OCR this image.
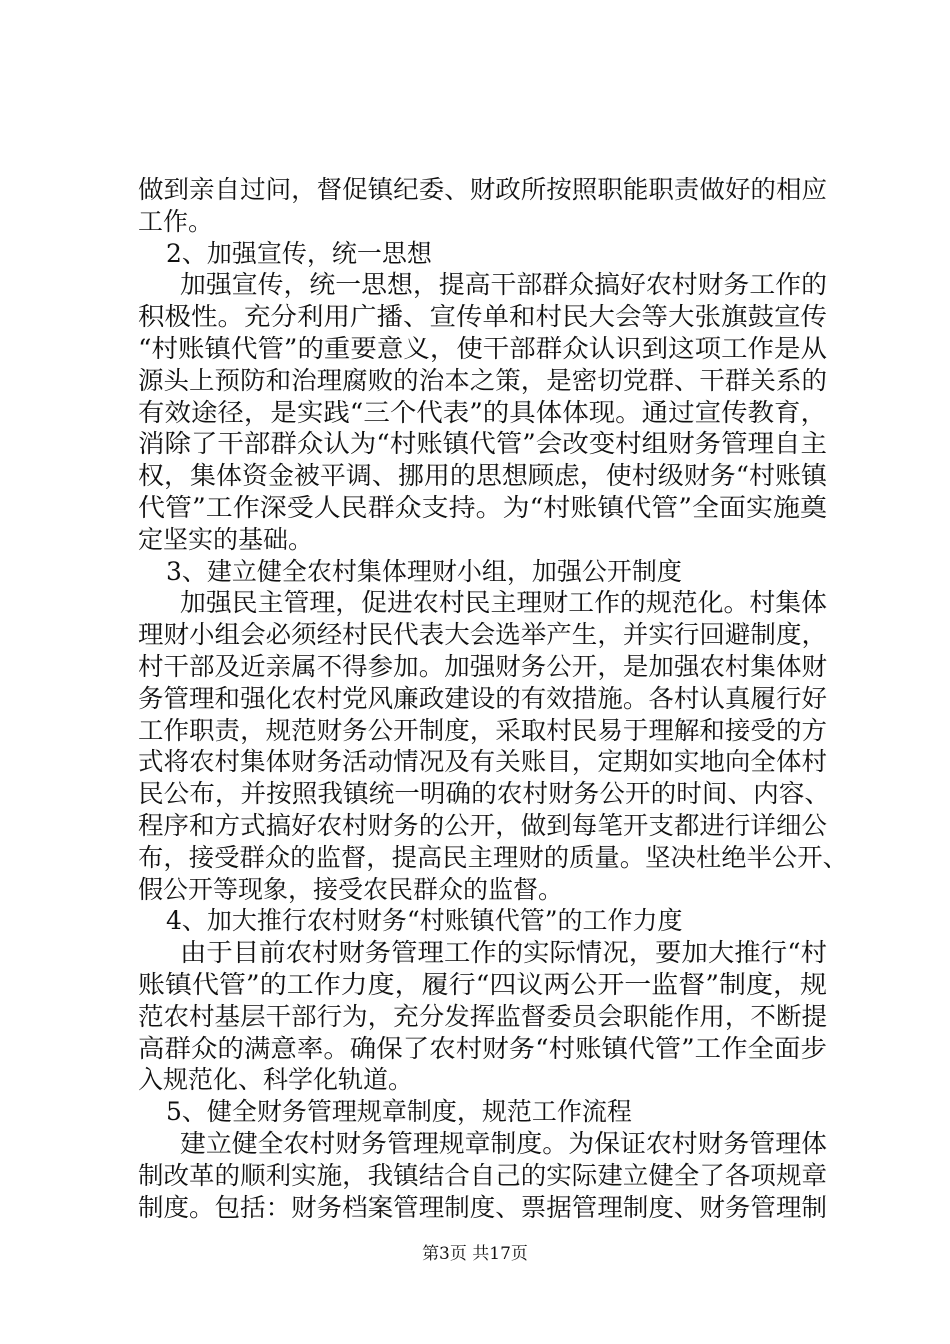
做到亲自过问，督促镇纪委、财政所按照职能职责做好的相应
工作。
2、加强宣传，统一思想
加强宣传，统一思想，提高干部群众搞好农村财务工作的
积极性。充分利用广播、宣传单和村民大会等大张旗鼓宣传
“村账镇代管”的重要意义，使干部群众认识到这项工作是从
源头上预防和治理腐败的治本之策，是密切党群、干群关系的
有效途径，是实践“三个代表”的具体体现。通过宣传教育，
消除了干部群众认为“村账镇代管”会改变村组财务管理自主
权，集体资金被平调、挪用的思想顾虑，使村级财务“村账镇
代管”工作深受人民群众支持。为“村账镇代管”全面实施奠
定坚实的基础。
3、建立健全农村集体理财小组，加强公开制度
加强民主管理，促进农村民主理财工作的规范化。村集体
理财小组会必须经村民代表大会选举产生，并实行回避制度，
村干部及近亲属不得参加。加强财务公开，是加强农村集体财
务管理和强化农村党风廉政建设的有效措施。各村认真履行好
工作职责，规范财务公开制度，采取村民易于理解和接受的方
式将农村集体财务活动情况及有关账目，定期如实地向全体村
民公布，并按照我镇统一明确的农村财务公开的时间、内容、
程序和方式搞好农村财务的公开，做到每笔开支都进行详细公
布，接受群众的监督，提高民主理财的质量。坚决杜绝半公开、
假公开等现象，接受农民群众的监督。
4、加大推行农村财务“村账镇代管”的工作力度
由于目前农村财务管理工作的实际情况，要加大推行“村
账镇代管”的工作力度，履行“四议两公开一监督”制度，规
范农村基层干部行为，充分发挥监督委员会职能作用，不断提
高群众的满意率。确保了农村财务“村账镇代管”工作全面步
入规范化、科学化轨道。
5、健全财务管理规章制度，规范工作流程
建立健全农村财务管理规章制度。为保证农村财务管理体
制改革的顺利实施，我镇结合自己的实际建立健全了各项规章
制度。包括：财务档案管理制度、票据管理制度、财务管理制
第3页 共17页
